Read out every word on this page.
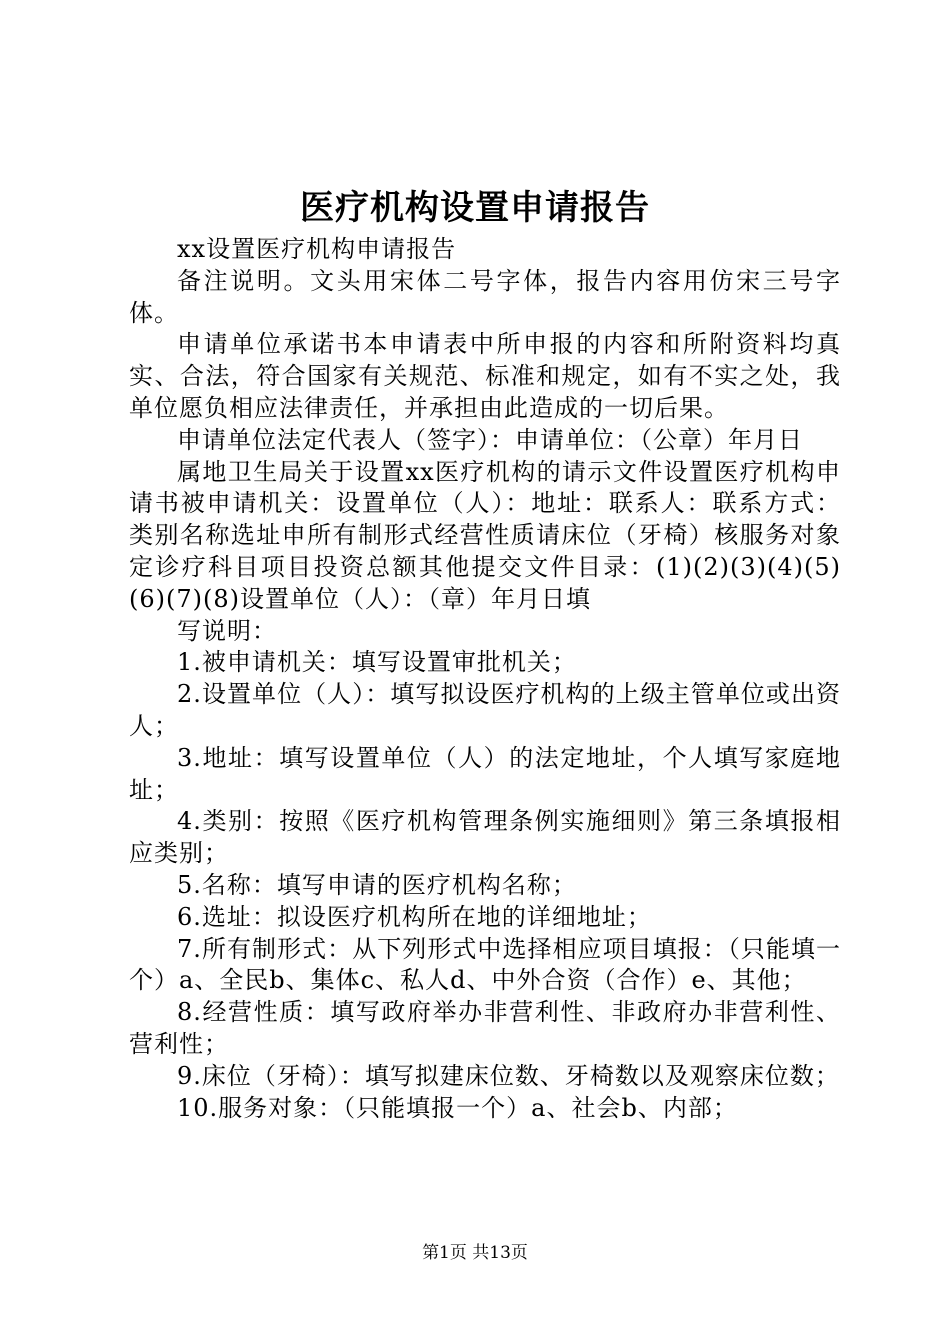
医疗机构设置申请报告

xx设置医疗机构申请报告

备注说明。文头用宋体二号字体，报告内容用仿宋三号字体。

申请单位承诺书本申请表中所申报的内容和所附资料均真实、合法，符合国家有关规范、标准和规定，如有不实之处，我单位愿负相应法律责任，并承担由此造成的一切后果。

申请单位法定代表人（签字）：申请单位：（公章）年月日

属地卫生局关于设置xx医疗机构的请示文件设置医疗机构申请书被申请机关：设置单位（人）：地址：联系人：联系方式：类别名称选址申所有制形式经营性质请床位（牙椅）核服务对象定诊疗科目项目投资总额其他提交文件目录：(1)(2)(3)(4)(5)(6)(7)(8)设置单位（人）：（章）年月日填

写说明：

1.被申请机关：填写设置审批机关；

2.设置单位（人）：填写拟设医疗机构的上级主管单位或出资人；

3.地址：填写设置单位（人）的法定地址，个人填写家庭地址；

4.类别：按照《医疗机构管理条例实施细则》第三条填报相应类别；

5.名称：填写申请的医疗机构名称；

6.选址：拟设医疗机构所在地的详细地址；

7.所有制形式：从下列形式中选择相应项目填报：（只能填一个）a、全民b、集体c、私人d、中外合资（合作）e、其他；

8.经营性质：填写政府举办非营利性、非政府办非营利性、营利性；

9.床位（牙椅）：填写拟建床位数、牙椅数以及观察床位数；

10.服务对象：（只能填报一个）a、社会b、内部；

第1页 共13页
